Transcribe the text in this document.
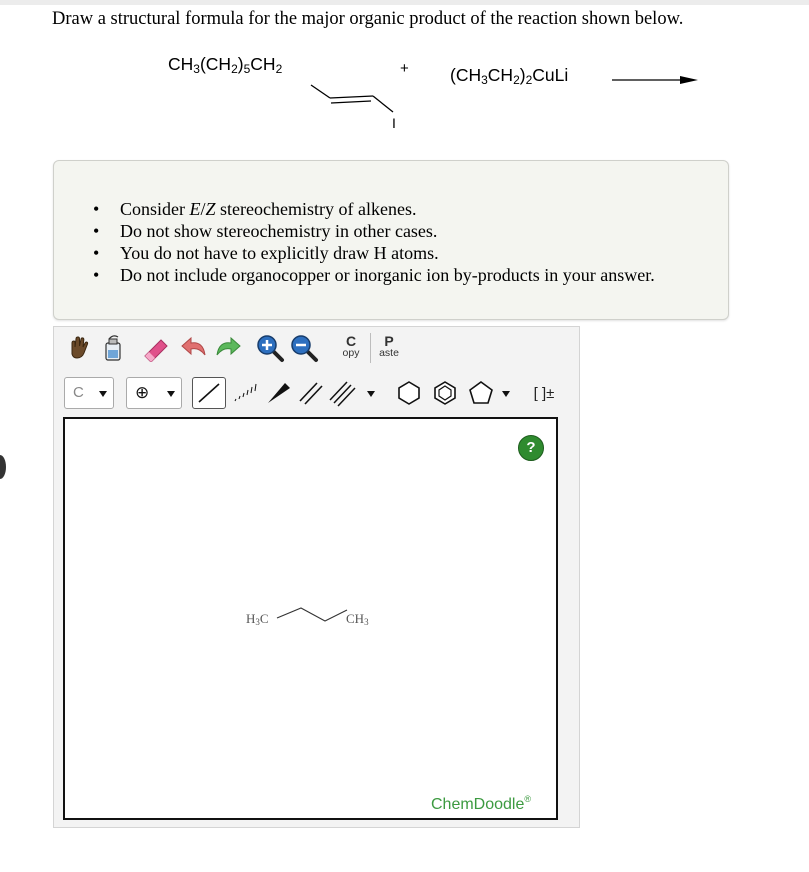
Draw a structural formula for the major organic product of the reaction shown below.
$CH_3(CH_2)_5CH_2$	+ $(CH_3CH_2)_2CuLi$
I
• Consider E/Z stereochemistry of alkenes.
• Do not show stereochemistry in other cases.
• You do not have to explicitly draw H atoms.
• Do not include organocopper or inorganic ion by-products in your answer.
C
opy
P
aste
C	⊕	[ ]±
?
$H_3C$	$CH_3$
ChemDoodle®
